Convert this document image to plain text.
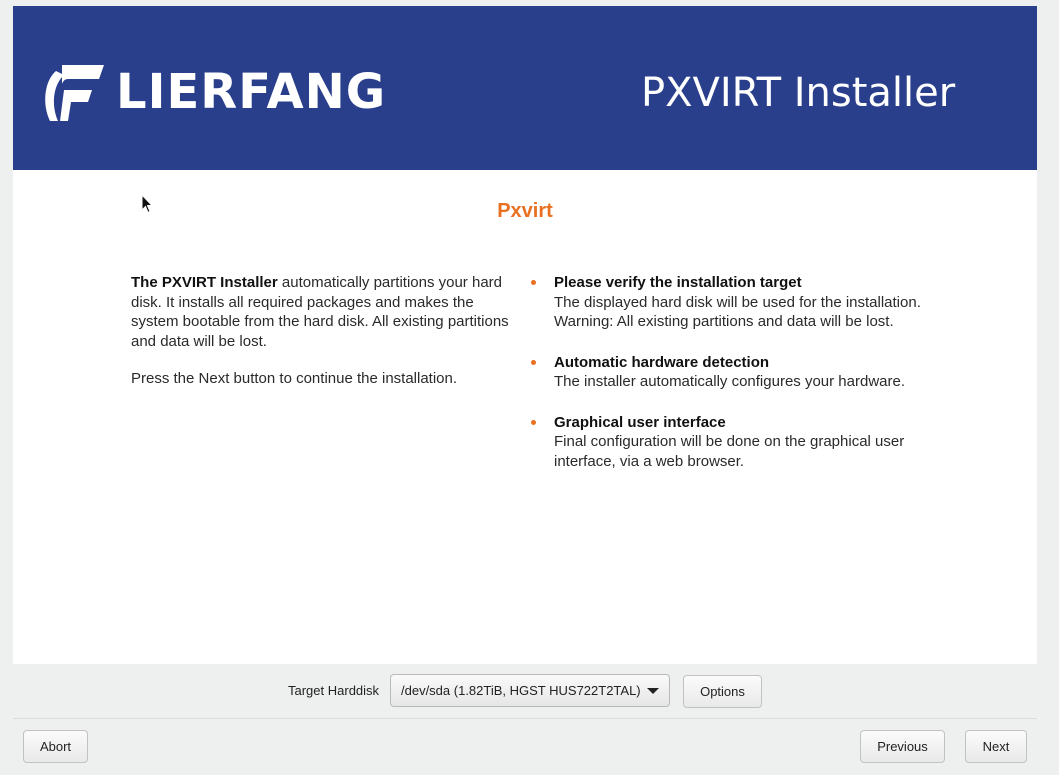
LIERFANG	PXVIRT Installer
Pxvirt

The PXVIRT Installer automatically partitions your hard disk. It installs all required packages and makes the system bootable from the hard disk. All existing partitions and data will be lost.

Press the Next button to continue the installation.

Please verify the installation target
The displayed hard disk will be used for the installation.
Warning: All existing partitions and data will be lost.
Automatic hardware detection
The installer automatically configures your hardware.
Graphical user interface
Final configuration will be done on the graphical user interface, via a web browser.
Target Harddisk	/dev/sda (1.82TiB, HGST HUS722T2TAL)	Options
Abort	Previous	Next
